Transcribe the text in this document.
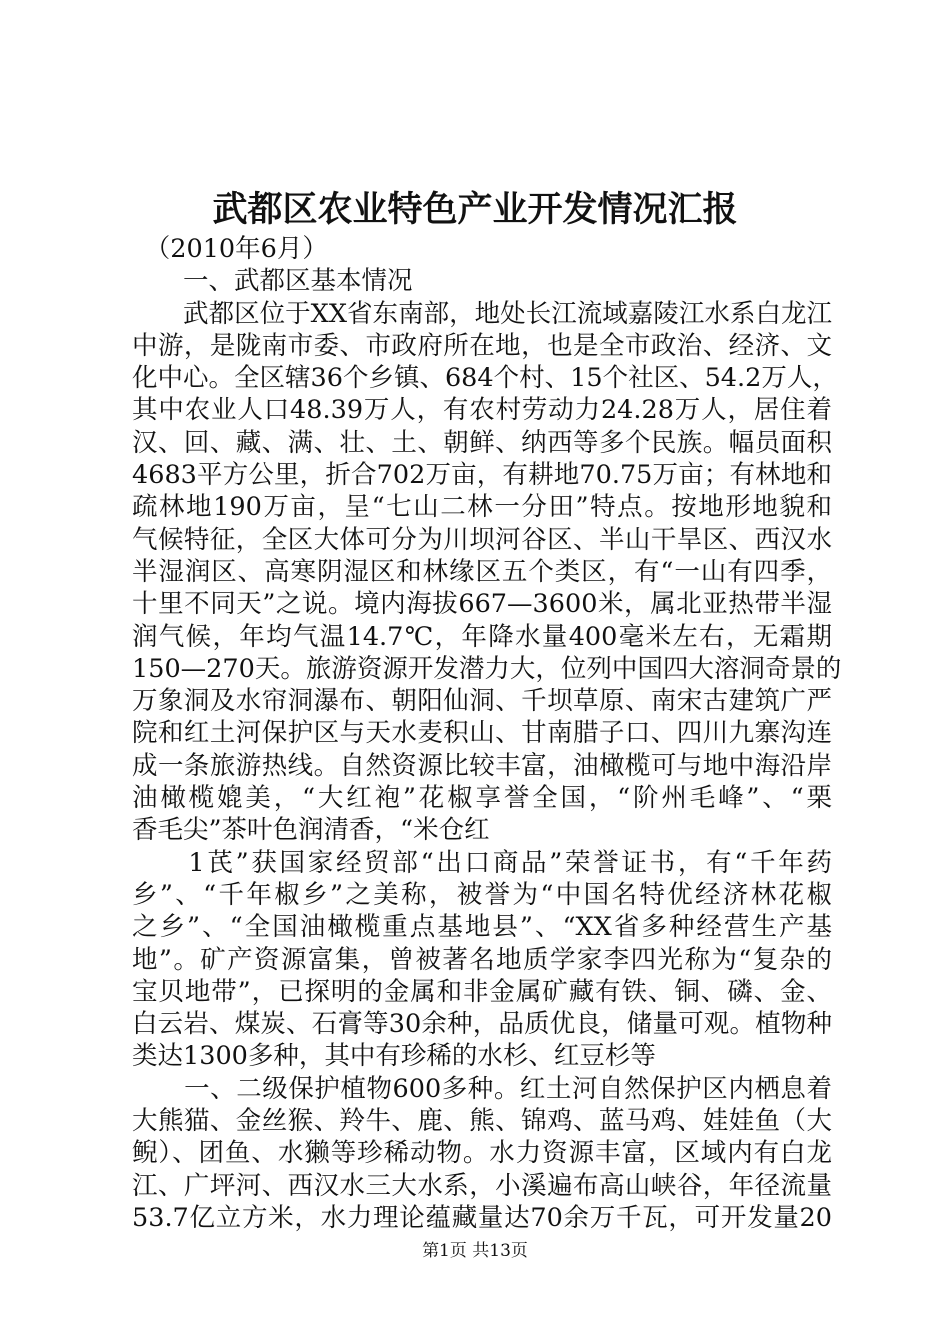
武都区农业特色产业开发情况汇报
　（2010年6月）
　　一、武都区基本情况
　　武都区位于XX省东南部，地处长江流域嘉陵江水系白龙江
中游，是陇南市委、市政府所在地，也是全市政治、经济、文
化中心。全区辖36个乡镇、684个村、15个社区、54.2万人，
其中农业人口48.39万人，有农村劳动力24.28万人，居住着
汉、回、藏、满、壮、土、朝鲜、纳西等多个民族。幅员面积
4683平方公里，折合702万亩，有耕地70.75万亩；有林地和
疏林地190万亩，呈“七山二林一分田”特点。按地形地貌和
气候特征，全区大体可分为川坝河谷区、半山干旱区、西汉水
半湿润区、高寒阴湿区和林缘区五个类区，有“一山有四季，
十里不同天”之说。境内海拔667—3600米，属北亚热带半湿
润气候，年均气温14.7℃，年降水量400毫米左右，无霜期
150—270天。旅游资源开发潜力大，位列中国四大溶洞奇景的
万象洞及水帘洞瀑布、朝阳仙洞、千坝草原、南宋古建筑广严
院和红土河保护区与天水麦积山、甘南腊子口、四川九寨沟连
成一条旅游热线。自然资源比较丰富，油橄榄可与地中海沿岸
油橄榄媲美，“大红袍”花椒享誉全国，“阶州毛峰”、“栗
香毛尖”茶叶色润清香，“米仓红
　　1芪”获国家经贸部“出口商品”荣誉证书，有“千年药
乡”、“千年椒乡”之美称，被誉为“中国名特优经济林花椒
之乡”、“全国油橄榄重点基地县”、“XX省多种经营生产基
地”。矿产资源富集，曾被著名地质学家李四光称为“复杂的
宝贝地带”，已探明的金属和非金属矿藏有铁、铜、磷、金、
白云岩、煤炭、石膏等30余种，品质优良，储量可观。植物种
类达1300多种，其中有珍稀的水杉、红豆杉等
　　一、二级保护植物600多种。红土河自然保护区内栖息着
大熊猫、金丝猴、羚牛、鹿、熊、锦鸡、蓝马鸡、娃娃鱼（大
鲵）、团鱼、水獭等珍稀动物。水力资源丰富，区域内有白龙
江、广坪河、西汉水三大水系，小溪遍布高山峡谷，年径流量
53.7亿立方米，水力理论蕴藏量达70余万千瓦，可开发量20
第1页 共13页
